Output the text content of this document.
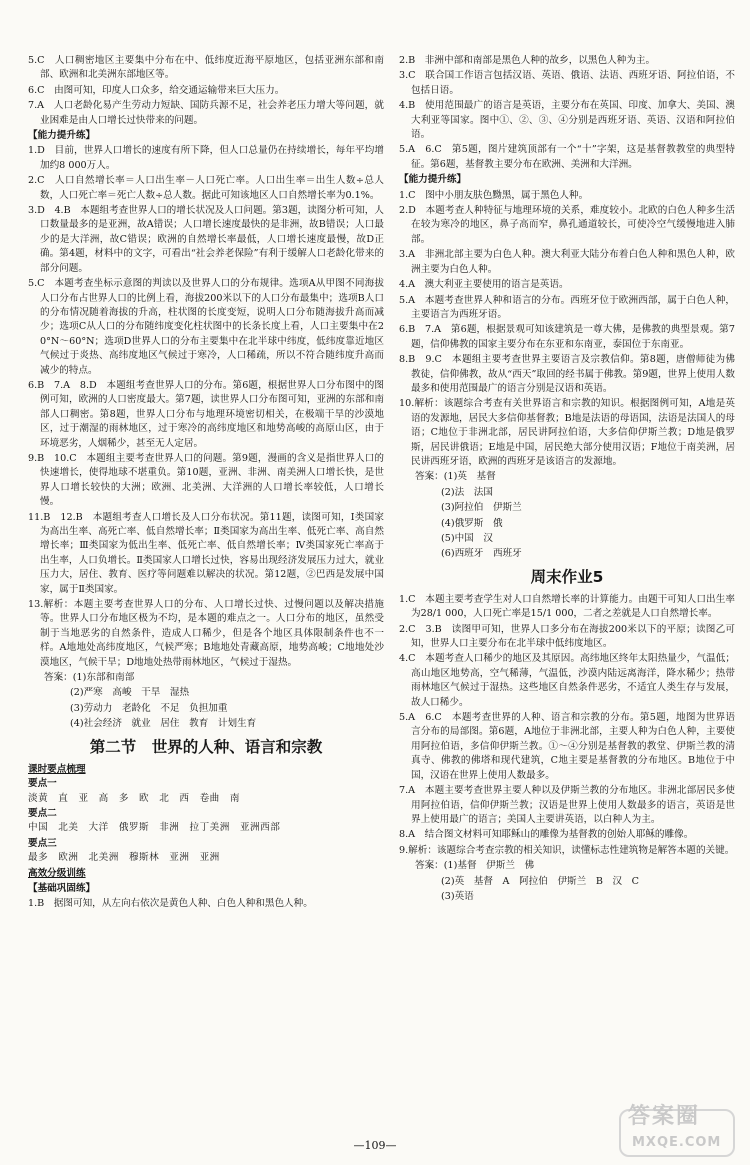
5.C　人口稠密地区主要集中分布在中、低纬度近海平原地区，包括亚洲东部和南部、欧洲和北美洲东部地区等。
6.C　由图可知，印度人口众多，给交通运输带来巨大压力。
7.A　人口老龄化易产生劳动力短缺、国防兵源不足，社会养老压力增大等问题，就业困难是由人口增长过快带来的问题。
【能力提升练】
1.D　目前，世界人口增长的速度有所下降，但人口总量仍在持续增长，每年平均增加约8 000万人。
2.C　人口自然增长率＝人口出生率－人口死亡率。人口出生率＝出生人数÷总人数，人口死亡率＝死亡人数÷总人数。据此可知该地区人口自然增长率为0.1%。
3.D　4.B　本题组考查世界人口的增长状况及人口问题。第3题，读图分析可知，人口数量最多的是亚洲，故A错误；人口增长速度最快的是非洲，故B错误；人口最少的是大洋洲，故C错误；欧洲的自然增长率最低，人口增长速度最慢，故D正确。第4题，材料中的文字，可看出“社会养老保险”有利于缓解人口老龄化带来的部分问题。
5.C　本题考查坐标示意图的判读以及世界人口的分布规律。选项A从甲图不同海拔人口分布占世界人口的比例上看，海拔200米以下的人口分布最集中；选项B人口的分布情况随着海拔的升高，柱状图的长度变短，说明人口分布随海拔升高而减少；选项C从人口的分布随纬度变化柱状图中的长条长度上看，人口主要集中在20°N～60°N；选项D世界人口的分布主要集中在北半球中纬度，低纬度靠近地区气候过于炎热、高纬度地区气候过于寒冷，人口稀疏，所以不符合随纬度升高而减少的特点。
6.B　7.A　8.D　本题组考查世界人口的分布。第6题，根据世界人口分布图中的图例可知，欧洲的人口密度最大。第7题，读世界人口分布图可知，亚洲的东部和南部人口稠密。第8题，世界人口分布与地理环境密切相关，在极端干旱的沙漠地区，过于潮湿的雨林地区，过于寒冷的高纬度地区和地势高峻的高原山区，由于环境恶劣，人烟稀少，甚至无人定居。
9.B　10.C　本题组主要考查世界人口的问题。第9题，漫画的含义是指世界人口的快速增长，使得地球不堪重负。第10题，亚洲、非洲、南美洲人口增长快，是世界人口增长较快的大洲；欧洲、北美洲、大洋洲的人口增长率较低，人口增长慢。
11.B　12.B　本题组考查人口增长及人口分布状况。第11题，读图可知，Ⅰ类国家为高出生率、高死亡率、低自然增长率；Ⅱ类国家为高出生率、低死亡率、高自然增长率；Ⅲ类国家为低出生率、低死亡率、低自然增长率；Ⅳ类国家死亡率高于出生率，人口负增长。Ⅱ类国家人口增长过快，容易出现经济发展压力过大，就业压力大，居住、教育、医疗等问题难以解决的状况。第12题，②巴西是发展中国家，属于Ⅱ类国家。
13.解析：本题主要考查世界人口的分布、人口增长过快、过慢问题以及解决措施等。世界人口分布地区极为不均，是本题的难点之一。人口分布的地区，虽然受制于当地恶劣的自然条件，造成人口稀少，但是各个地区具体限制条件也不一样。A地地处高纬度地区，气候严寒；B地地处青藏高原，地势高峻；C地地处沙漠地区，气候干旱；D地地处热带雨林地区，气候过于湿热。
答案：(1)东部和南部
(2)严寒　高峻　干旱　湿热
(3)劳动力　老龄化　不足　负担加重
(4)社会经济　就业　居住　教育　计划生育
第二节　世界的人种、语言和宗教
课时要点梳理
要点一
淡黄　直　亚　高　多　欧　北　西　卷曲　南
要点二
中国　北美　大洋　俄罗斯　非洲　拉丁美洲　亚洲西部
要点三
最多　欧洲　北美洲　穆斯林　亚洲　亚洲
高效分级训练
【基础巩固练】
1.B　据图可知，从左向右依次是黄色人种、白色人种和黑色人种。
2.B　非洲中部和南部是黑色人种的故乡，以黑色人种为主。
3.C　联合国工作语言包括汉语、英语、俄语、法语、西班牙语、阿拉伯语，不包括日语。
4.B　使用范围最广的语言是英语，主要分布在英国、印度、加拿大、美国、澳大利亚等国家。图中①、②、③、④分别是西班牙语、英语、汉语和阿拉伯语。
5.A　6.C　第5题，图片建筑顶部有一个“十”字架，这是基督教教堂的典型特征。第6题，基督教主要分布在欧洲、美洲和大洋洲。
【能力提升练】
1.C　图中小朋友肤色黝黑，属于黑色人种。
2.D　本题考查人种特征与地理环境的关系，难度较小。北欧的白色人种多生活在较为寒冷的地区，鼻子高而窄，鼻孔通道较长，可使冷空气缓慢地进入肺部。
3.A　非洲北部主要为白色人种。澳大利亚大陆分布着白色人种和黑色人种，欧洲主要为白色人种。
4.A　澳大利亚主要使用的语言是英语。
5.A　本题考查世界人种和语言的分布。西班牙位于欧洲西部，属于白色人种，主要语言为西班牙语。
6.B　7.A　第6题，根据景观可知该建筑是一尊大佛，是佛教的典型景观。第7题，信仰佛教的国家主要分布在东亚和东南亚，泰国位于东南亚。
8.B　9.C　本题组主要考查世界主要语言及宗教信仰。第8题，唐僧师徒为佛教徒，信仰佛教，故从“西天”取回的经书属于佛教。第9题，世界上使用人数最多和使用范围最广的语言分别是汉语和英语。
10.解析：该题综合考查有关世界语言和宗教的知识。根据图例可知，A地是英语的发源地，居民大多信仰基督教；B地是法语的母语国，法语是法国人的母语；C地位于非洲北部，居民讲阿拉伯语，大多信仰伊斯兰教；D地是俄罗斯，居民讲俄语；E地是中国，居民绝大部分使用汉语；F地位于南美洲，居民讲西班牙语，欧洲的西班牙是该语言的发源地。
答案：(1)英　基督
(2)法　法国
(3)阿拉伯　伊斯兰
(4)俄罗斯　俄
(5)中国　汉
(6)西班牙　西班牙
周末作业5
1.C　本题主要考查学生对人口自然增长率的计算能力。由题干可知人口出生率为28/1 000，人口死亡率是15/1 000，二者之差就是人口自然增长率。
2.C　3.B　读图甲可知，世界人口多分布在海拔200米以下的平原；读图乙可知，世界人口主要分布在北半球中低纬度地区。
4.C　本题考查人口稀少的地区及其原因。高纬地区终年太阳热量少，气温低；高山地区地势高，空气稀薄，气温低，沙漠内陆远离海洋，降水稀少；热带雨林地区气候过于湿热。这些地区自然条件恶劣，不适宜人类生存与发展，故人口稀少。
5.A　6.C　本题考查世界的人种、语言和宗教的分布。第5题，地图为世界语言分布的局部图。第6题，A地位于非洲北部，主要人种为白色人种，主要使用阿拉伯语，多信仰伊斯兰教。①～④分别是基督教的教堂、伊斯兰教的清真寺、佛教的佛塔和现代建筑，C地主要是基督教的分布地区。B地位于中国，汉语在世界上使用人数最多。
7.A　本题主要考查世界主要人种以及伊斯兰教的分布地区。非洲北部居民多使用阿拉伯语，信仰伊斯兰教；汉语是世界上使用人数最多的语言，英语是世界上使用最广的语言；美国人主要讲英语，以白种人为主。
8.A　结合图文材料可知耶稣山的雕像为基督教的创始人耶稣的雕像。
9.解析：该题综合考查宗教的相关知识，读懂标志性建筑物是解答本题的关键。
答案：(1)基督　伊斯兰　佛
(2)英　基督　A　阿拉伯　伊斯兰　B　汉　C
(3)英语
—109—
答案圈
MXQE.COM
